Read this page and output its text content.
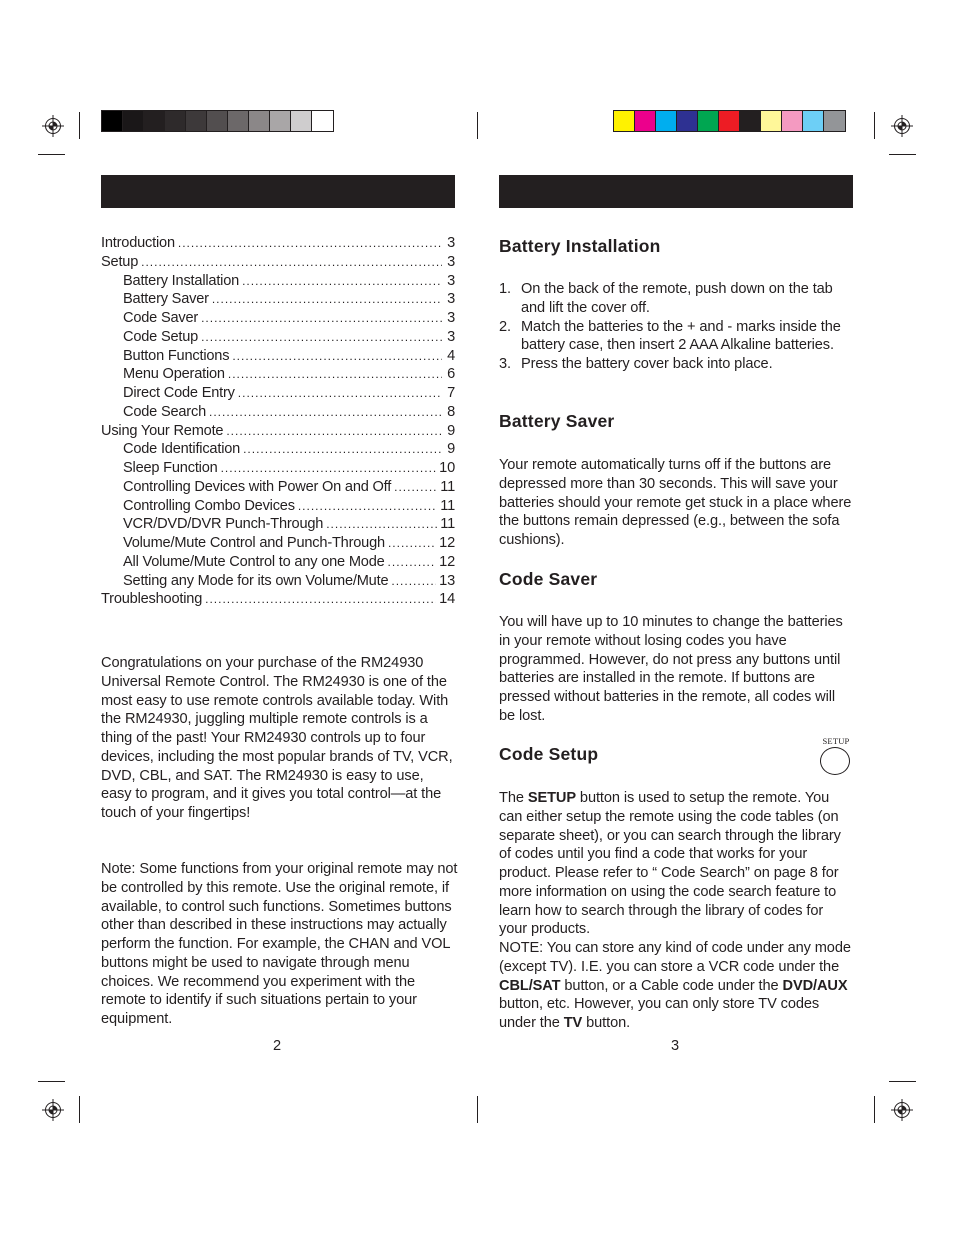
Introduction .....	3
Setup .....	3
Battery Installation .....	3
Battery Saver .....	3
Code Saver .....	3
Code Setup .....	3
Button Functions .....	4
Menu Operation .....	6
Direct Code Entry .....	7
Code Search .....	8
Using Your Remote .....	9
Code Identification .....	9
Sleep Function .....	10
Controlling Devices with Power On and Off .....	11
Controlling Combo Devices .....	11
VCR/DVD/DVR Punch-Through .....	11
Volume/Mute Control and Punch-Through .....	12
All Volume/Mute Control to any one Mode .....	12
Setting any Mode for its own Volume/Mute .....	13
Troubleshooting .....	14
Congratulations on your purchase of the RM24930 Universal Remote Control. The RM24930 is one of the most easy to use remote controls available today. With the RM24930, juggling multiple remote controls is a thing of the past! Your RM24930 controls up to four devices, including the most popular brands of TV, VCR, DVD, CBL, and SAT. The RM24930 is easy to use, easy to program, and it gives you total control—at the touch of your fingertips!
Note: Some functions from your original remote may not be controlled by this remote. Use the original remote, if available, to control such functions. Sometimes buttons other than described in these instructions may actually perform the function. For example, the CHAN and VOL buttons might be used to navigate through menu choices. We recommend you experiment with the remote to identify if such situations pertain to your equipment.
Battery Installation
1. On the back of the remote, push down on the tab and lift the cover off.
2. Match the batteries to the + and - marks inside the battery case, then insert 2 AAA Alkaline batteries.
3. Press the battery cover back into place.
Battery Saver
Your remote automatically turns off if the buttons are depressed more than 30 seconds. This will save your batteries should your remote get stuck in a place where the buttons remain depressed (e.g., between the sofa cushions).
Code Saver
You will have up to 10 minutes to change the batteries in your remote without losing codes you have programmed. However, do not press any buttons until batteries are installed in the remote. If buttons are pressed without batteries in the remote, all codes will be lost.
Code Setup
SETUP
The SETUP button is used to setup the remote. You can either setup the remote using the code tables (on separate sheet), or you can search through the library of codes until you find a code that works for your product. Please refer to “ Code Search” on page 8 for more information on using the code search feature to learn how to search through the library of codes for your products.
NOTE: You can store any kind of code under any mode (except TV). I.E. you can store a VCR code under the CBL/SAT button, or a Cable code under the DVD/AUX button, etc. However, you can only store TV codes under the TV button.
2	3
